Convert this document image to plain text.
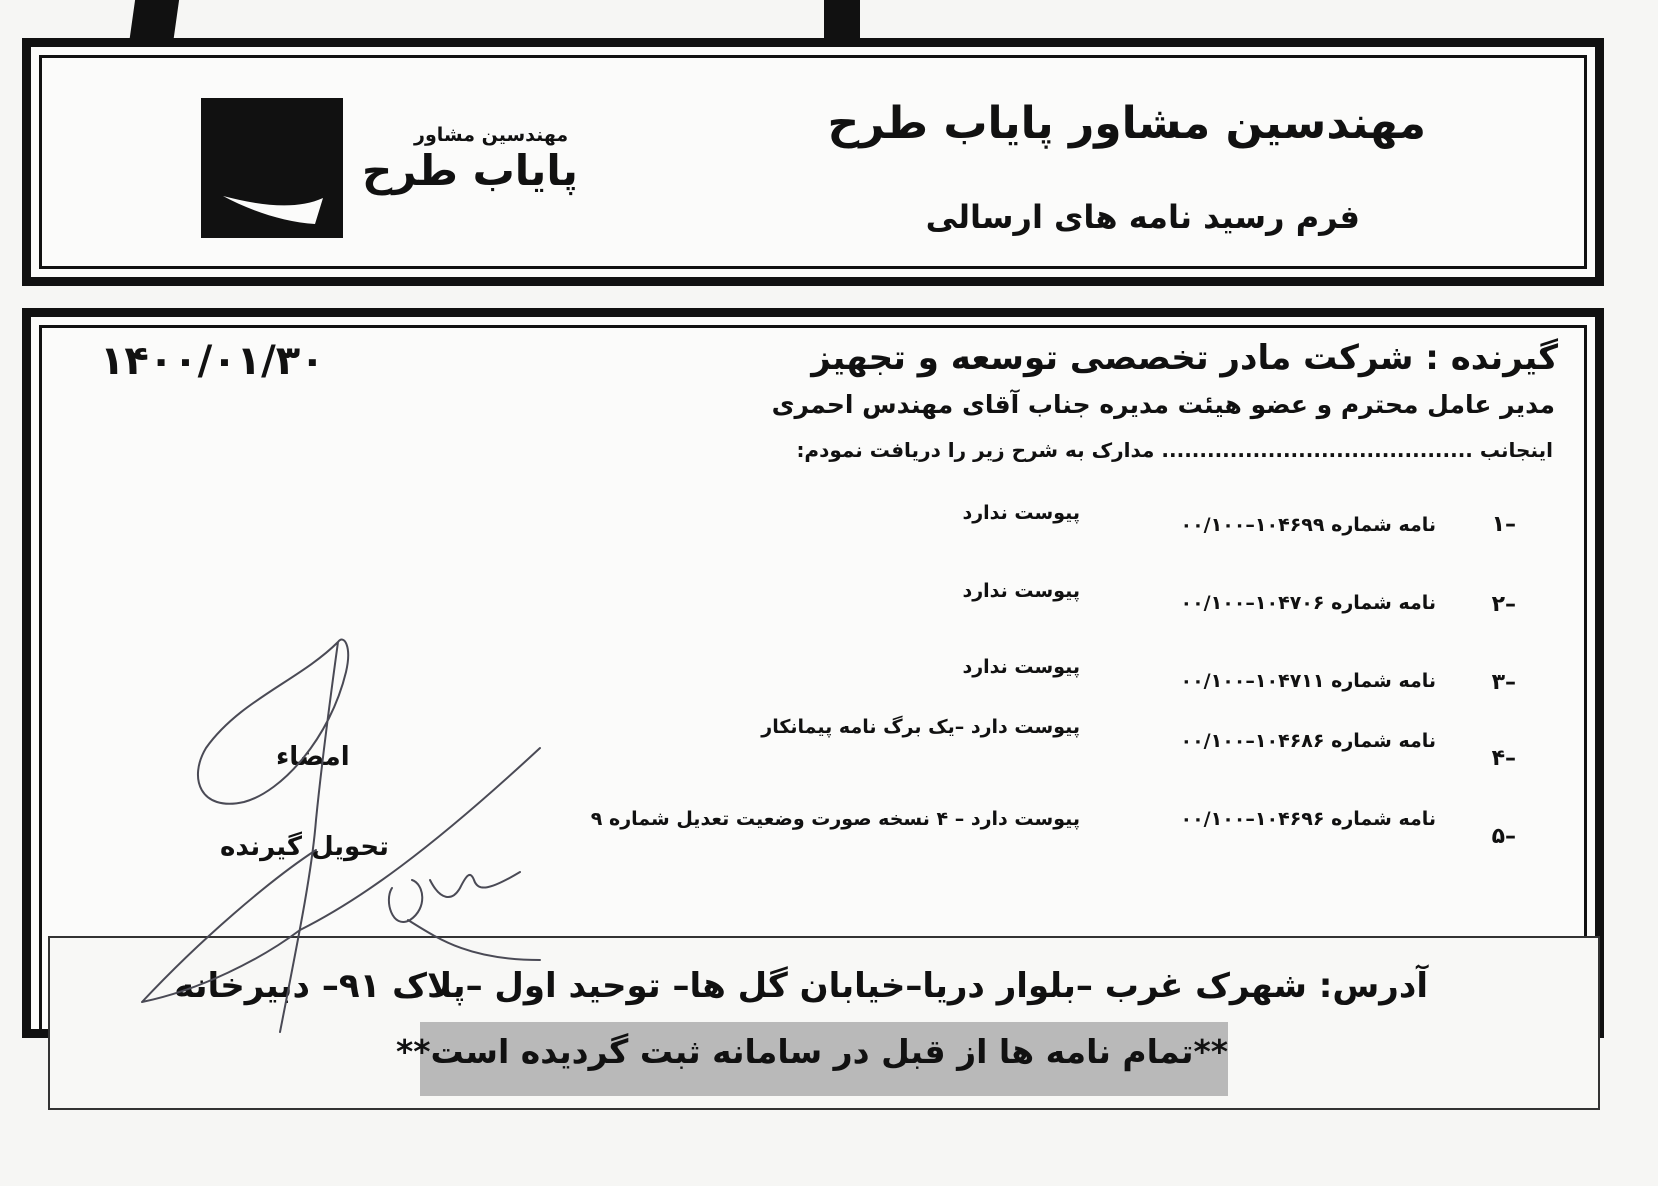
مهندسین مشاور پایاب طرح
فرم رسید نامه های ارسالی
مهندسین مشاور
پایاب طرح
۱۴۰۰/۰۱/۳۰	گیرنده : شرکت مادر تخصصی توسعه و تجهیز
مدیر عامل محترم و عضو هیئت مدیره جناب آقای مهندس احمری
اینجانب ......................................... مدارک به شرح زیر را دریافت نمودم:
۱–
نامه شماره ۱۰۴۶۹۹–۰۰/۱۰۰
پیوست ندارد
۲–
نامه شماره ۱۰۴۷۰۶–۰۰/۱۰۰
پیوست ندارد
۳–
نامه شماره ۱۰۴۷۱۱–۰۰/۱۰۰
پیوست ندارد
۴–
نامه شماره ۱۰۴۶۸۶–۰۰/۱۰۰
پیوست دارد –یک برگ نامه پیمانکار
۵–
نامه شماره ۱۰۴۶۹۶–۰۰/۱۰۰
پیوست دارد – ۴ نسخه صورت وضعیت تعدیل شماره ۹
امضاء
تحویل گیرنده
آدرس: شهرک غرب –بلوار دریا–خیابان گل ها– توحید اول –پلاک ۹۱– دبیرخانه
**تمام نامه ها از قبل در سامانه ثبت گردیده است**
